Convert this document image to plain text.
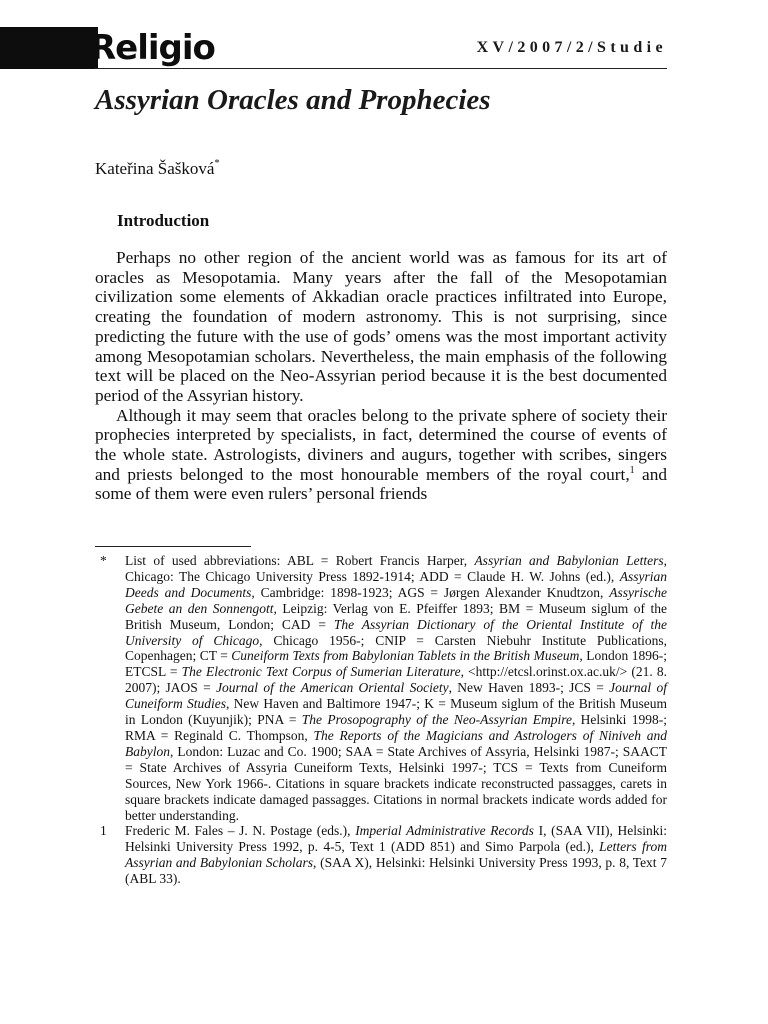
Religio	XV/2007/2/Studie
Assyrian Oracles and Prophecies
Kateřina Šašková*
Introduction

Perhaps no other region of the ancient world was as famous for its art of oracles as Mesopotamia. Many years after the fall of the Mesopotamian civilization some elements of Akkadian oracle practices infiltrated into Europe, creating the foundation of modern astronomy. This is not surprising, since predicting the future with the use of gods’ omens was the most important activity among Mesopotamian scholars. Nevertheless, the main emphasis of the following text will be placed on the Neo-Assyrian period because it is the best documented period of the Assyrian history.

Although it may seem that oracles belong to the private sphere of society their prophecies interpreted by specialists, in fact, determined the course of events of the whole state. Astrologists, diviners and augurs, together with scribes, singers and priests belonged to the most honourable members of the royal court,$^1$ and some of them were even rulers’ personal friends

*	List of used abbreviations: ABL = Robert Francis Harper, Assyrian and Babylonian Letters, Chicago: The Chicago University Press 1892-1914; ADD = Claude H. W. Johns (ed.), Assyrian Deeds and Documents, Cambridge: 1898-1923; AGS = Jørgen Alexander Knudtzon, Assyrische Gebete an den Sonnengott, Leipzig: Verlag von E. Pfeiffer 1893; BM = Museum siglum of the British Museum, London; CAD = The Assyrian Dictionary of the Oriental Institute of the University of Chicago, Chicago 1956-; CNIP = Carsten Niebuhr Institute Publications, Copenhagen; CT = Cuneiform Texts from Babylonian Tablets in the British Museum, London 1896-; ETCSL = The Electronic Text Corpus of Sumerian Literature, <http://etcsl.orinst.ox.ac.uk/> (21. 8. 2007); JAOS = Journal of the American Oriental Society, New Haven 1893-; JCS = Journal of Cuneiform Studies, New Haven and Baltimore 1947-; K = Museum siglum of the British Museum in London (Kuyunjik); PNA = The Prosopography of the Neo-Assyrian Empire, Helsinki 1998-; RMA = Reginald C. Thompson, The Reports of the Magicians and Astrologers of Niniveh and Babylon, London: Luzac and Co. 1900; SAA = State Archives of Assyria, Helsinki 1987-; SAACT = State Archives of Assyria Cuneiform Texts, Helsinki 1997-; TCS = Texts from Cuneiform Sources, New York 1966-. Citations in square brackets indicate reconstructed passagges, carets in square brackets indicate damaged passagges. Citations in normal brackets indicate words added for better understanding.
1	Frederic M. Fales – J. N. Postage (eds.), Imperial Administrative Records I, (SAA VII), Helsinki: Helsinki University Press 1992, p. 4-5, Text 1 (ADD 851) and Simo Parpola (ed.), Letters from Assyrian and Babylonian Scholars, (SAA X), Helsinki: Helsinki University Press 1993, p. 8, Text 7 (ABL 33).
